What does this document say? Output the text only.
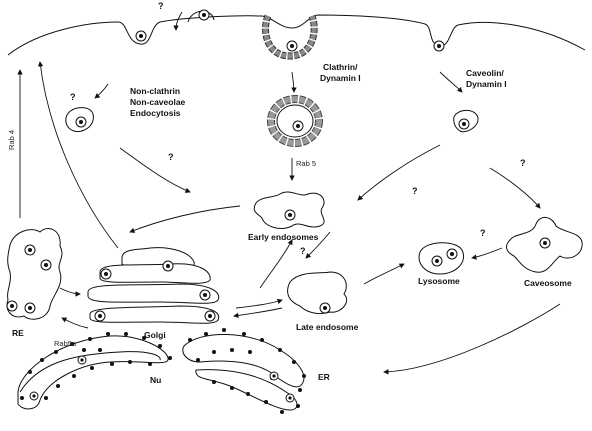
Clathrin/
Dynamin I	Caveolin/
Dynamin I
Non-clathrin
Non-caveolae
Endocytosis
Rab 5
Rab 4
Rab5a
Early endosomes
Late endosome
Lysosome	Caveosome
Golgi
RE
Nu	ER
?
?
?
?
?
?
?
